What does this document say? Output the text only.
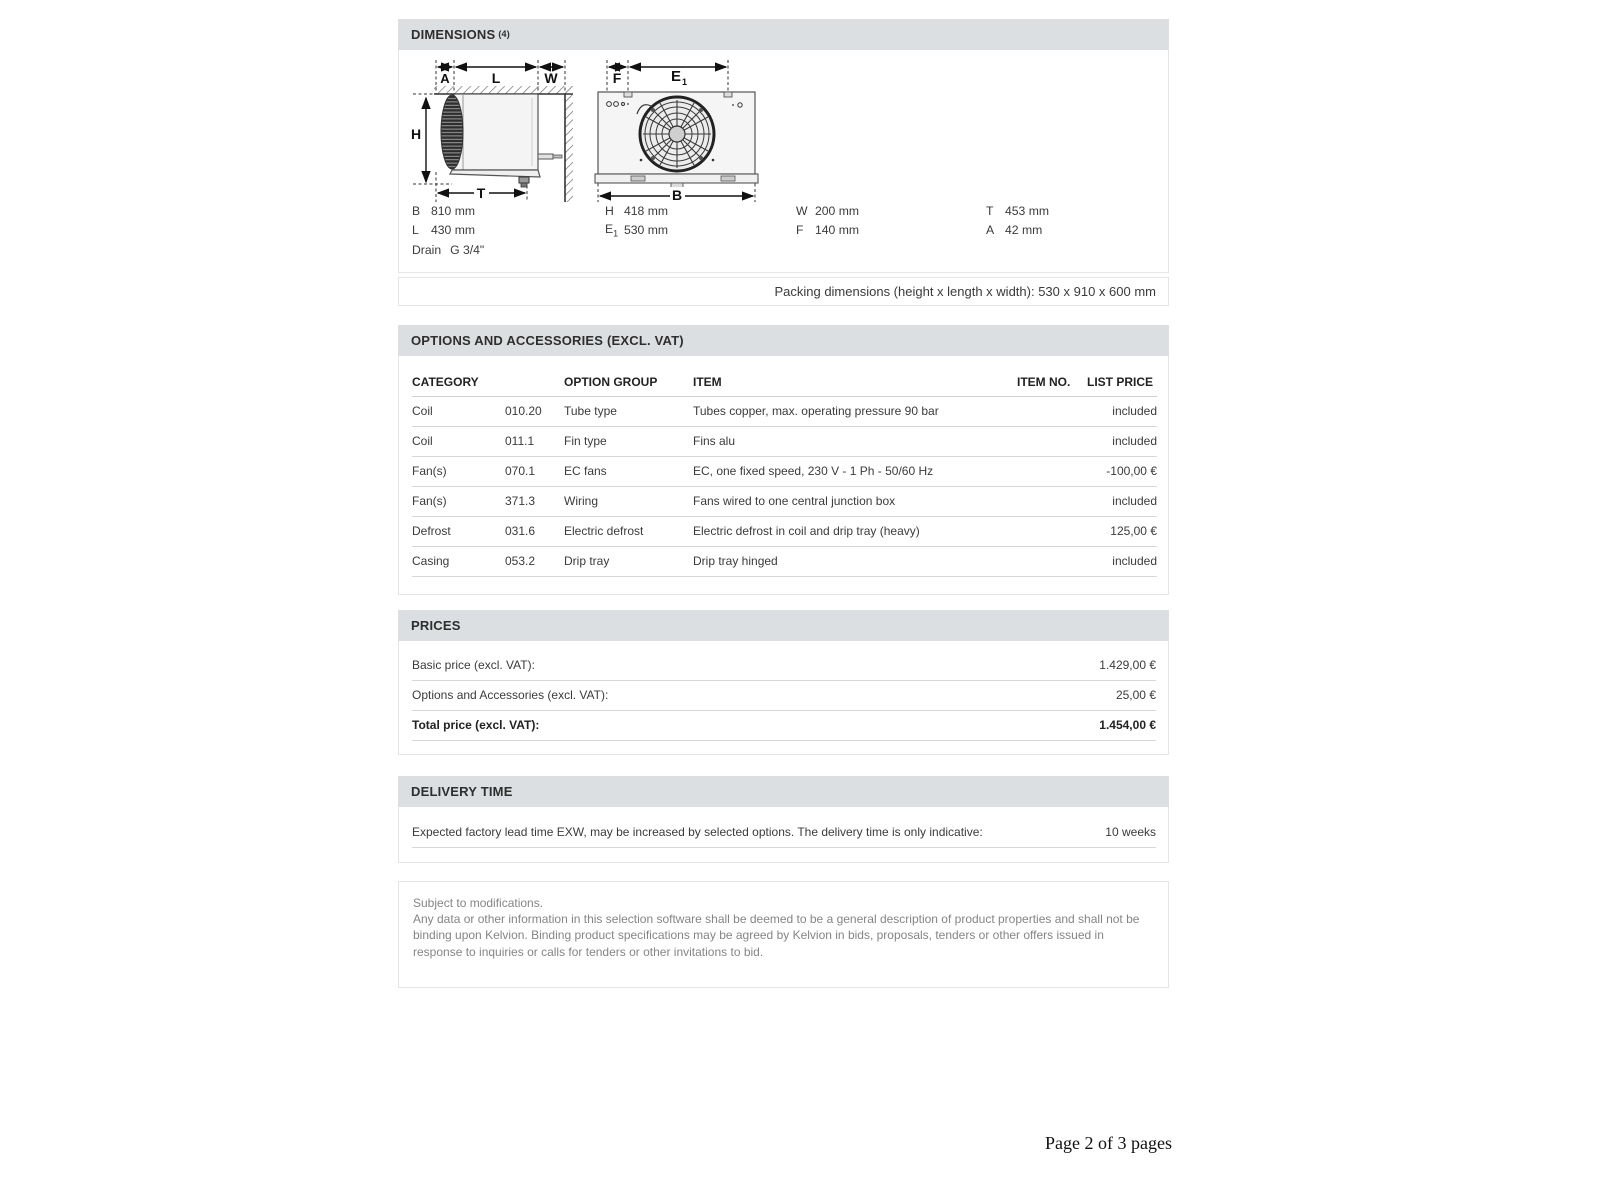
DIMENSIONS (4)
A	L	W
H
T
F	E 1
B
B 810 mm	H 418 mm	W 200 mm	T 453 mm
L	430 mm	$E_1$ 530 mm	F 140 mm	A 42 mm
Drain G 3/4"
Packing dimensions (height x length x width): 530 x 910 x 600 mm
OPTIONS AND ACCESSORIES (EXCL. VAT)
CATEGORY		OPTION GROUP	ITEM	ITEM NO.	LIST PRICE
Coil	010.20	Tube type	Tubes copper, max. operating pressure 90 bar		included
Coil	011.1	Fin type	Fins alu		included
Fan(s)	070.1	EC fans	EC, one fixed speed, 230 V - 1 Ph - 50/60 Hz		-100,00 €
Fan(s)	371.3	Wiring	Fans wired to one central junction box		included
Defrost	031.6	Electric defrost	Electric defrost in coil and drip tray (heavy)		125,00 €
Casing	053.2	Drip tray	Drip tray hinged		included
PRICES
Basic price (excl. VAT):	1.429,00 €
Options and Accessories (excl. VAT):	25,00 €
Total price (excl. VAT):	1.454,00 €
DELIVERY TIME
Expected factory lead time EXW, may be increased by selected options. The delivery time is only indicative:	10 weeks
Subject to modifications.
Any data or other information in this selection software shall be deemed to be a general description of product properties and shall not be binding upon Kelvion. Binding product specifications may be agreed by Kelvion in bids, proposals, tenders or other offers issued in response to inquiries or calls for tenders or other invitations to bid.
Page 2 of 3 pages
